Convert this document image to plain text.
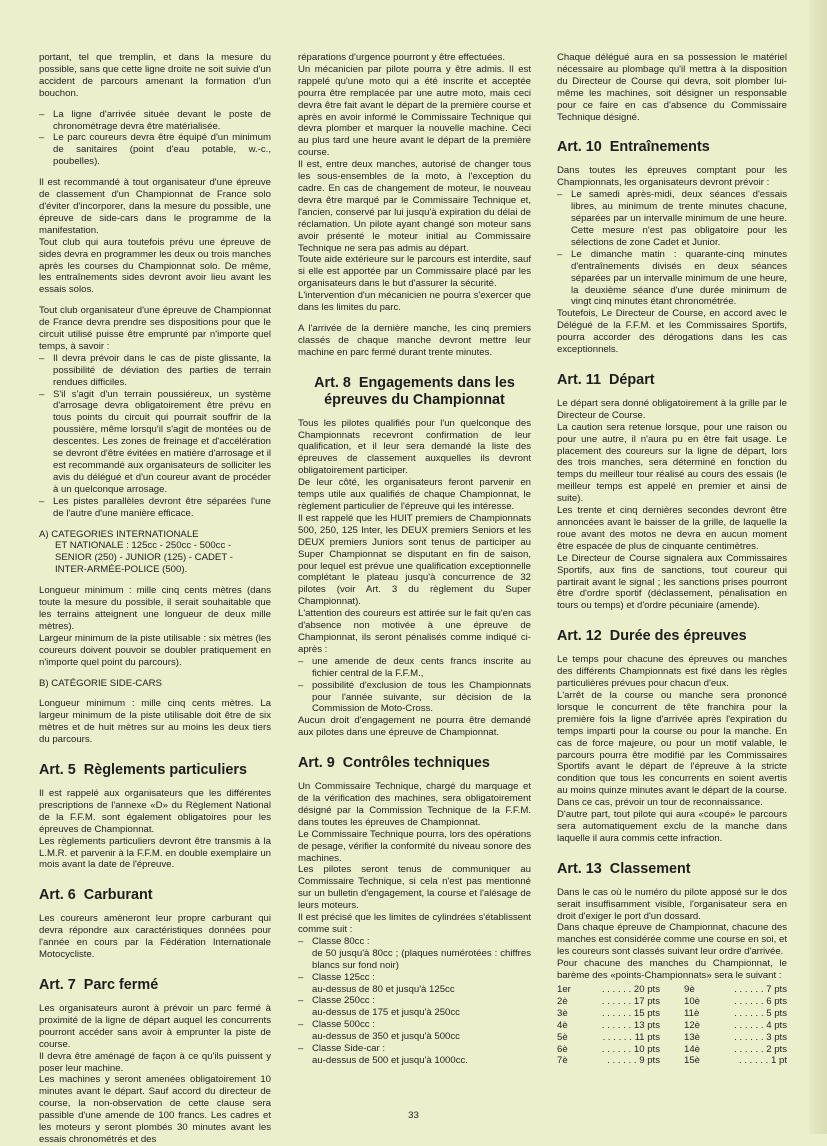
portant, tel que tremplin, et dans la mesure du possible, sans que cette ligne droite ne soit suivie d'un accident de parcours amenant la formation d'un bouchon.

– La ligne d'arrivée située devant le poste de chronométrage devra être matérialisée.
– Le parc coureurs devra être équipé d'un minimum de sanitaires (point d'eau potable, w.-c., poubelles).

Il est recommandé à tout organisateur d'une épreuve de classement d'un Championnat de France solo d'éviter d'incorporer, dans la mesure du possible, une épreuve de side-cars dans le programme de la manifestation.

Tout club qui aura toutefois prévu une épreuve de sides devra en programmer les deux ou trois manches après les courses du Championnat solo. De même, les entraînements sides devront avoir lieu avant les essais solos.

Tout club organisateur d'une épreuve de Championnat de France devra prendre ses dispositions pour que le circuit utilisé puisse être emprunté par n'importe quel temps, à savoir :

– Il devra prévoir dans le cas de piste glissante, la possibilité de déviation des parties de terrain rendues difficiles.
– S'il s'agit d'un terrain poussiéreux, un système d'arrosage devra obligatoirement être prévu en tous points du circuit qui pourrait souffrir de la poussière, même lorsqu'il s'agit de montées ou de descentes. Les zones de freinage et d'accélération se devront d'être évitées en matière d'arrosage et il est recommandé aux organisateurs de solliciter les avis du délégué et d'un coureur avant de procéder à un quelconque arrosage.
– Les pistes parallèles devront être séparées l'une de l'autre d'une manière efficace.
A) CATEGORIES INTERNATIONALE
ET NATIONALE : 125cc - 250cc - 500cc -
SENIOR (250) - JUNIOR (125) - CADET -
INTER-ARMÉE-POLICE (500).

Longueur minimum : mille cinq cents mètres (dans toute la mesure du possible, il serait souhaitable que les terrains atteignent une longueur de deux mille mètres).

Largeur minimum de la piste utilisable : six mètres (les coureurs doivent pouvoir se doubler pratiquement en n'importe quel point du parcours).

B) CATÉGORIE SIDE-CARS

Longueur minimum : mille cinq cents mètres. La largeur minimum de la piste utilisable doit être de six mètres et de huit mètres sur au moins les deux tiers du parcours.

Art. 5 Règlements particuliers

Il est rappelé aux organisateurs que les différentes prescriptions de l'annexe «D» du Règlement National de la F.F.M. sont également obligatoires pour les épreuves de Championnat.

Les règlements particuliers devront être transmis à la L.M.R. et parvenir à la F.F.M. en double exemplaire un mois avant la date de l'épreuve.

Art. 6 Carburant

Les coureurs amèneront leur propre carburant qui devra répondre aux caractéristiques données pour l'année en cours par la Fédération Internationale Motocycliste.

Art. 7 Parc fermé

Les organisateurs auront à prévoir un parc fermé à proximité de la ligne de départ auquel les concurrents pourront accéder sans avoir à emprunter la piste de course.

Il devra être aménagé de façon à ce qu'ils puissent y poser leur machine.

Les machines y seront amenées obligatoirement 10 minutes avant le départ. Sauf accord du directeur de course, la non-observation de cette clause sera passible d'une amende de 100 francs. Les cadres et les moteurs y seront plombés 30 minutes avant les essais chronométrés et des

réparations d'urgence pourront y être effectuées.

Un mécanicien par pilote pourra y être admis. Il est rappelé qu'une moto qui a été inscrite et acceptée pourra être remplacée par une autre moto, mais ceci devra être fait avant le départ de la première course et après en avoir informé le Commissaire Technique qui devra plomber et marquer la nouvelle machine. Ceci au plus tard une heure avant le départ de la première course.

Il est, entre deux manches, autorisé de changer tous les sous-ensembles de la moto, à l'exception du cadre. En cas de changement de moteur, le nouveau devra être marqué par le Commissaire Technique et, l'ancien, conservé par lui jusqu'à expiration du délai de réclamation. Un pilote ayant changé son moteur sans avoir présenté le moteur initial au Commissaire Technique ne sera pas admis au départ.

Toute aide extérieure sur le parcours est interdite, sauf si elle est apportée par un Commissaire placé par les organisateurs dans le but d'assurer la sécurité.

L'intervention d'un mécanicien ne pourra s'exercer que dans les limites du parc.

A l'arrivée de la dernière manche, les cinq premiers classés de chaque manche devront mettre leur machine en parc fermé durant trente minutes.

Art. 8 Engagements dans les épreuves du Championnat

Tous les pilotes qualifiés pour l'un quelconque des Championnats recevront confirmation de leur qualification, et il leur sera demandé la liste des épreuves de classement auxquelles ils devront obligatoirement participer.

De leur côté, les organisateurs feront parvenir en temps utile aux qualifiés de chaque Championnat, le règlement particulier de l'épreuve qui les intéresse.

Il est rappelé que les HUIT premiers de Championnats 500, 250, 125 Inter, les DEUX premiers Seniors et les DEUX premiers Juniors sont tenus de participer au Super Championnat se disputant en fin de saison, pour lequel est prévue une qualification exceptionnelle complétant le plateau jusqu'à concurrence de 32 pilotes (voir Art. 3 du règlement du Super Championnat).

L'attention des coureurs est attirée sur le fait qu'en cas d'absence non motivée à une épreuve de Championnat, ils seront pénalisés comme indiqué ci-après :

– une amende de deux cents francs inscrite au fichier central de la F.F.M.,
– possibilité d'exclusion de tous les Championnats pour l'année suivante, sur décision de la Commission de Moto-Cross.

Aucun droit d'engagement ne pourra être demandé aux pilotes dans une épreuve de Championnat.

Art. 9 Contrôles techniques

Un Commissaire Technique, chargé du marquage et de la vérification des machines, sera obligatoirement désigné par la Commission Technique de la F.F.M. dans toutes les épreuves de Championnat.

Le Commissaire Technique pourra, lors des opérations de pesage, vérifier la conformité du niveau sonore des machines.

Les pilotes seront tenus de communiquer au Commissaire Technique, si cela n'est pas mentionné sur un bulletin d'engagement, la course et l'alésage de leurs moteurs.

Il est précisé que les limites de cylindrées s'établissent comme suit :

– Classe 80cc :
de 50 jusqu'à 80cc ; (plaques numérotées : chiffres blancs sur fond noir)
– Classe 125cc :
au-dessus de 80 et jusqu'à 125cc
– Classe 250cc :
au-dessus de 175 et jusqu'à 250cc
– Classe 500cc :
au-dessus de 350 et jusqu'à 500cc
– Classe Side-car :
au-dessus de 500 et jusqu'à 1000cc.

Chaque délégué aura en sa possession le matériel nécessaire au plombage qu'il mettra à la disposition du Directeur de Course qui devra, soit plomber lui-même les machines, soit désigner un responsable pour ce faire en cas d'absence du Commissaire Technique désigné.

Art. 10 Entraînements

Dans toutes les épreuves comptant pour les Championnats, les organisateurs devront prévoir :

– Le samedi après-midi, deux séances d'essais libres, au minimum de trente minutes chacune, séparées par un intervalle minimum de une heure. Cette mesure n'est pas obligatoire pour les sélections de zone Cadet et Junior.
– Le dimanche matin : quarante-cinq minutes d'entraînements divisés en deux séances séparées par un intervalle minimum de une heure, la deuxième séance d'une durée minimum de vingt cinq minutes étant chronométrée.

Toutefois, Le Directeur de Course, en accord avec le Délégué de la F.F.M. et les Commissaires Sportifs, pourra accorder des dérogations dans les cas exceptionnels.

Art. 11 Départ

Le départ sera donné obligatoirement à la grille par le Directeur de Course.

La caution sera retenue lorsque, pour une raison ou pour une autre, il n'aura pu en être fait usage. Le placement des coureurs sur la ligne de départ, lors des trois manches, sera déterminé en fonction du temps du meilleur tour réalisé au cours des essais (le meilleur temps est appelé en premier et ainsi de suite).

Les trente et cinq dernières secondes devront être annoncées avant le baisser de la grille, de laquelle la roue avant des motos ne devra en aucun moment être espacée de plus de cinquante centimètres.

Le Directeur de Course signalera aux Commissaires Sportifs, aux fins de sanctions, tout coureur qui partirait avant le signal ; les sanctions prises pourront être d'ordre sportif (déclassement, pénalisation en tours ou temps) et d'ordre pécuniaire (amende).

Art. 12 Durée des épreuves

Le temps pour chacune des épreuves ou manches des différents Championnats est fixé dans les règles particulières prévues pour chacun d'eux.

L'arrêt de la course ou manche sera prononcé lorsque le concurrent de tête franchira pour la première fois la ligne d'arrivée après l'expiration du temps imparti pour la course ou pour la manche. En cas de force majeure, ou pour un motif valable, le parcours pourra être modifié par les Commissaires Sportifs avant le départ de l'épreuve à la stricte condition que tous les concurrents en soient avertis au moins quinze minutes avant le départ de la course. Dans ce cas, prévoir un tour de reconnaissance.

D'autre part, tout pilote qui aura «coupé» le parcours sera automatiquement exclu de la manche dans laquelle il aura commis cette infraction.

Art. 13 Classement

Dans le cas où le numéro du pilote apposé sur le dos serait insuffisamment visible, l'organisateur sera en droit d'exiger le port d'un dossard.

Dans chaque épreuve de Championnat, chacune des manches est considérée comme une course en soi, et les coureurs sont classés suivant leur ordre d'arrivée.

Pour chacune des manches du Championnat, le barème des «points-Championnats» sera le suivant :

1er	. . . . . . 20 pts
2è	. . . . . . 17 pts
3è	. . . . . . 15 pts
4è	. . . . . . 13 pts
5è	. . . . . . 11 pts
6è	. . . . . . 10 pts
7è	. . . . . . 9 pts
9è	. . . . . . 7 pts
10è	. . . . . . 6 pts
11è	. . . . . . 5 pts
12è	. . . . . . 4 pts
13è	. . . . . . 3 pts
14è	. . . . . . 2 pts
15è	. . . . . . 1 pt
33
